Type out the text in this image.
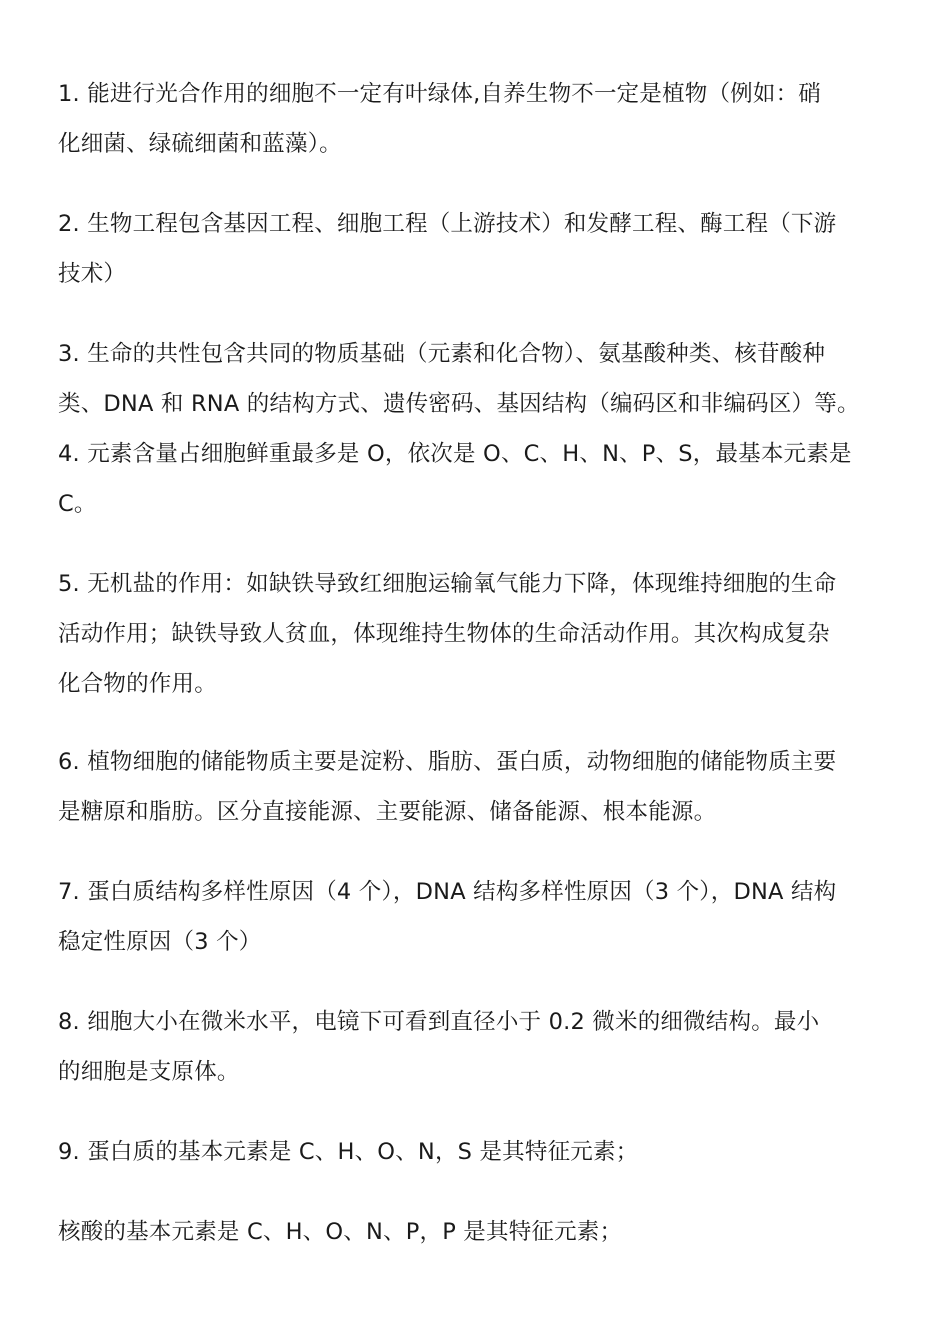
1. 能进行光合作用的细胞不一定有叶绿体,自养生物不一定是植物（例如：硝
化细菌、绿硫细菌和蓝藻）。
2. 生物工程包含基因工程、细胞工程（上游技术）和发酵工程、酶工程（下游
技术）
3. 生命的共性包含共同的物质基础（元素和化合物）、氨基酸种类、核苷酸种
类、DNA 和 RNA 的结构方式、遗传密码、基因结构（编码区和非编码区）等。
4. 元素含量占细胞鲜重最多是 O，依次是 O、C、H、N、P、S，最基本元素是
C。
5. 无机盐的作用：如缺铁导致红细胞运输氧气能力下降，体现维持细胞的生命
活动作用；缺铁导致人贫血，体现维持生物体的生命活动作用。其次构成复杂
化合物的作用。
6. 植物细胞的储能物质主要是淀粉、脂肪、蛋白质，动物细胞的储能物质主要
是糖原和脂肪。区分直接能源、主要能源、储备能源、根本能源。
7. 蛋白质结构多样性原因（4 个），DNA 结构多样性原因（3 个），DNA 结构
稳定性原因（3 个）
8. 细胞大小在微米水平，电镜下可看到直径小于 0.2 微米的细微结构。最小
的细胞是支原体。
9. 蛋白质的基本元素是 C、H、O、N，S 是其特征元素；
核酸的基本元素是 C、H、O、N、P，P 是其特征元素；
